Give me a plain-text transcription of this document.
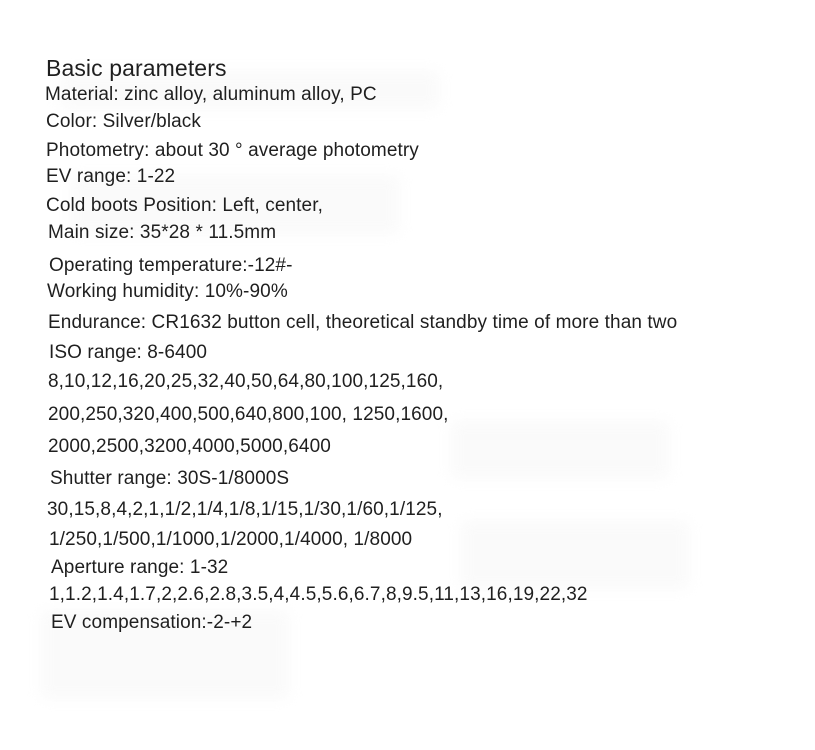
Basic parameters
Material: zinc alloy, aluminum alloy, PC
Color: Silver/black
Photometry: about 30 ° average photometry
EV range: 1-22
Cold boots Position: Left, center,
Main size: 35*28 * 11.5mm
Operating temperature:-12#-
Working humidity: 10%-90%
Endurance: CR1632 button cell, theoretical standby time of more than two
ISO range: 8-6400
8,10,12,16,20,25,32,40,50,64,80,100,125,160,
200,250,320,400,500,640,800,100, 1250,1600,
2000,2500,3200,4000,5000,6400
Shutter range: 30S-1/8000S
30,15,8,4,2,1,1/2,1/4,1/8,1/15,1/30,1/60,1/125,
1/250,1/500,1/1000,1/2000,1/4000, 1/8000
Aperture range: 1-32
1,1.2,1.4,1.7,2,2.6,2.8,3.5,4,4.5,5.6,6.7,8,9.5,11,13,16,19,22,32
EV compensation:-2-+2
